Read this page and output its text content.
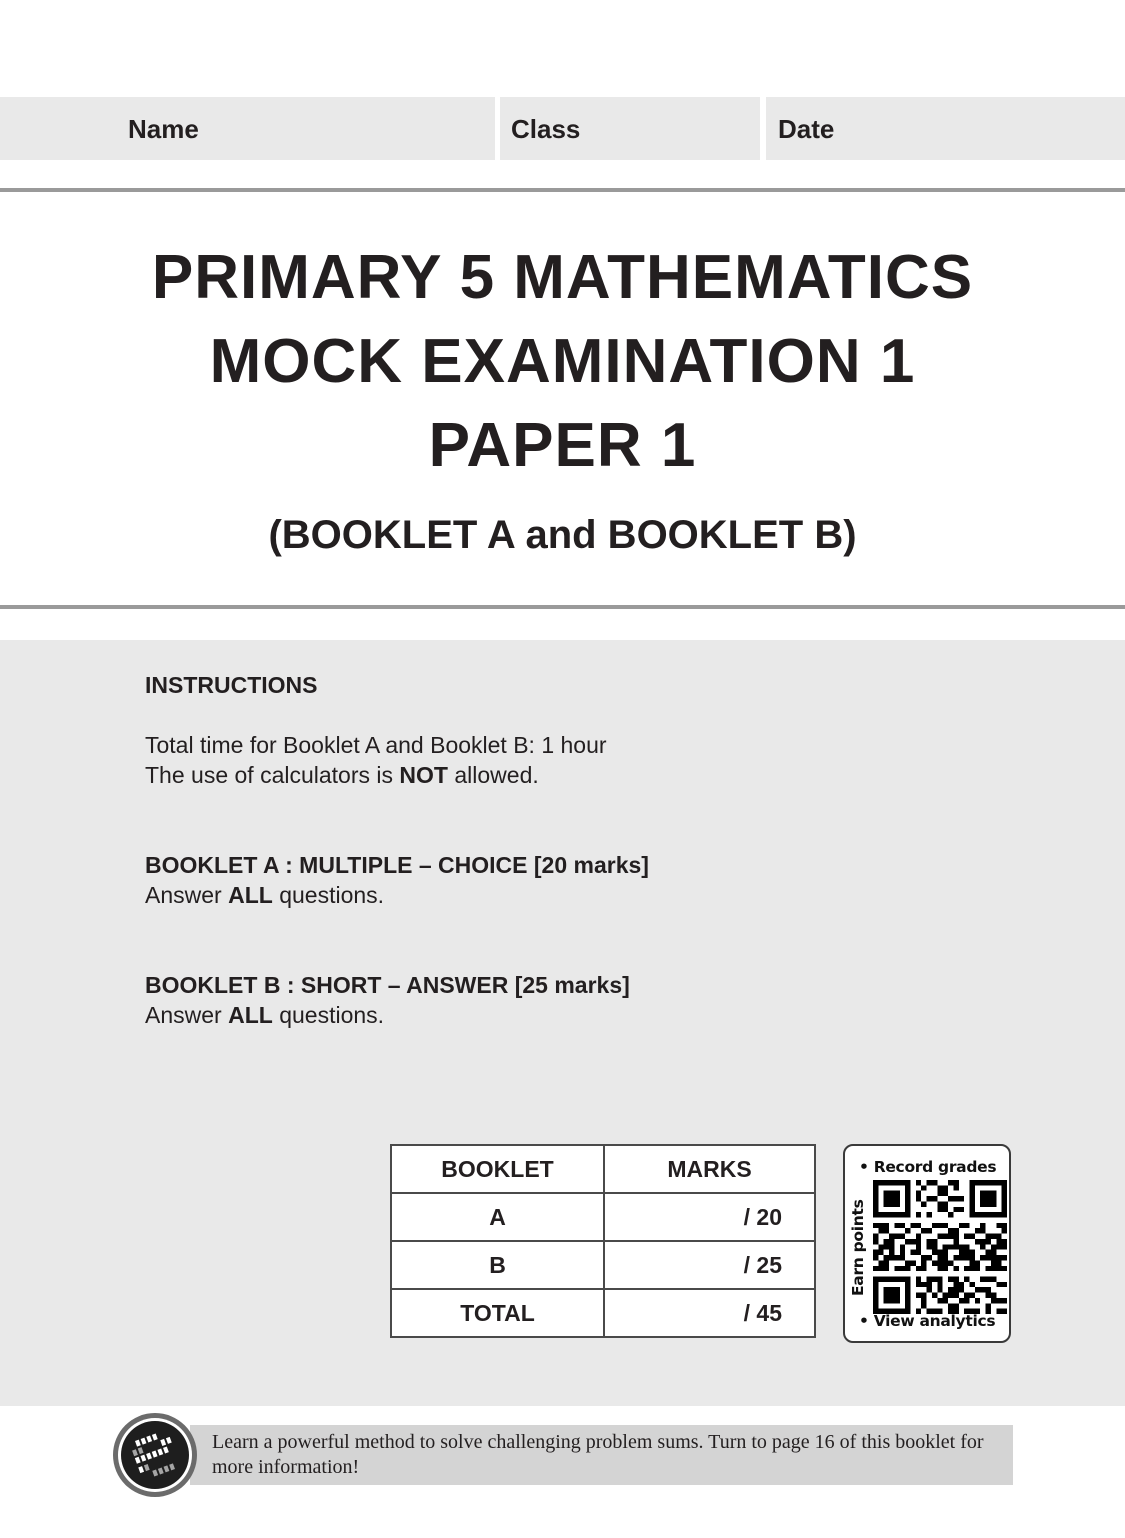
Name	Class	Date
PRIMARY 5 MATHEMATICS
MOCK EXAMINATION 1
PAPER 1
(BOOKLET A and BOOKLET B)
INSTRUCTIONS
Total time for Booklet A and Booklet B: 1 hour
The use of calculators is NOT allowed.
BOOKLET A : MULTIPLE – CHOICE [20 marks]
Answer ALL questions.
BOOKLET B : SHORT – ANSWER [25 marks]
Answer ALL questions.
BOOKLET	MARKS
A	/ 20
B	/ 25
TOTAL	/ 45
• Record grades
Earn points
• View analytics
Learn a powerful method to solve challenging problem sums. Turn to page 16 of this booklet for more information!
